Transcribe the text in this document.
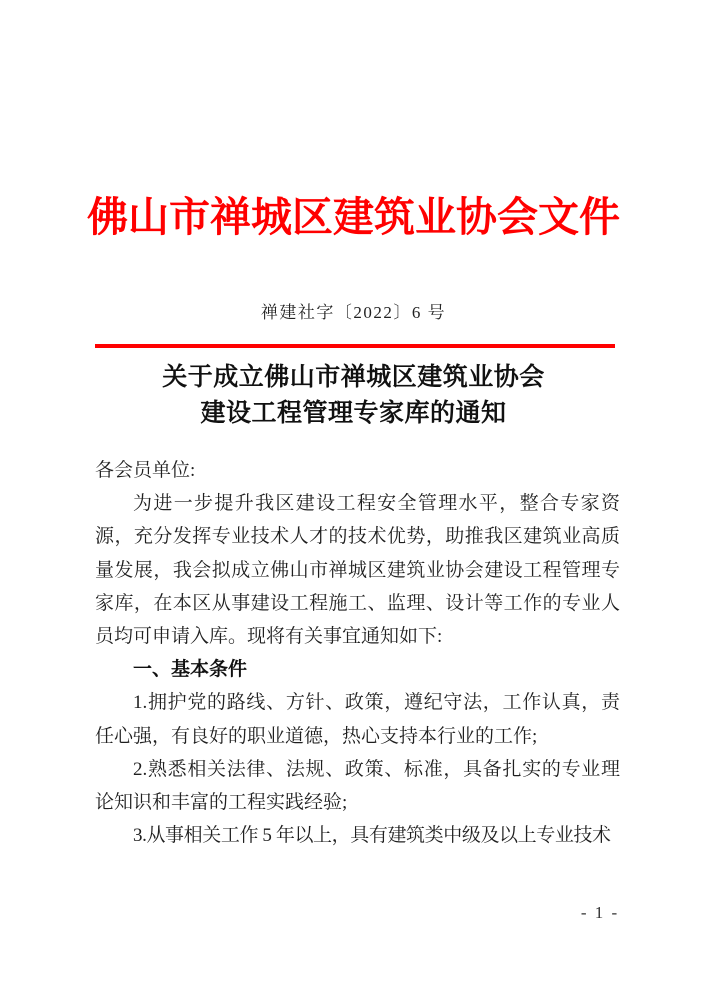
佛山市禅城区建筑业协会文件
禅建社字〔2022〕6 号
关于成立佛山市禅城区建筑业协会
建设工程管理专家库的通知

各会员单位:

为进一步提升我区建设工程安全管理水平，整合专家资源，充分发挥专业技术人才的技术优势，助推我区建筑业高质量发展，我会拟成立佛山市禅城区建筑业协会建设工程管理专家库，在本区从事建设工程施工、监理、设计等工作的专业人员均可申请入库。现将有关事宜通知如下:

一、基本条件

1.拥护党的路线、方针、政策，遵纪守法，工作认真，责任心强，有良好的职业道德，热心支持本行业的工作;

2.熟悉相关法律、法规、政策、标准，具备扎实的专业理论知识和丰富的工程实践经验;

3.从事相关工作 5 年以上，具有建筑类中级及以上专业技术

- 1 -
